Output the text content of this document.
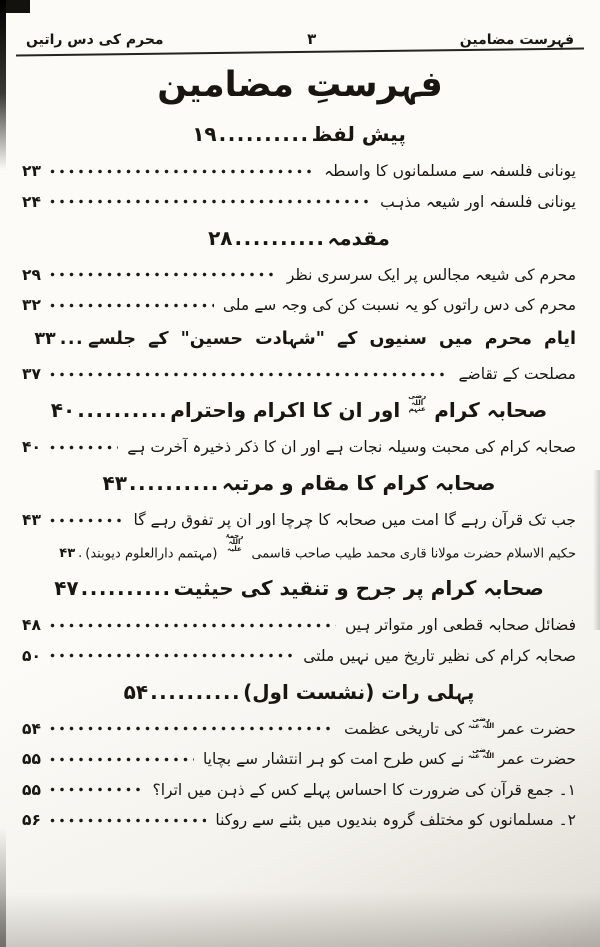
فہرست مضامین
۳
محرم کی دس راتیں
فہرستِ مضامین
پیش لفظ
..........
۱۹
یونانی فلسفہ سے مسلمانوں کا واسطہ
۲۳
یونانی فلسفہ اور شیعہ مذہب
۲۴
مقدمہ
..........
۲۸
محرم کی شیعہ مجالس پر ایک سرسری نظر
۲۹
محرم کی دس راتوں کو یہ نسبت کن کی وجہ سے ملی
۳۲
ایام محرم میں سنیوں کے "شہادت حسین" کے جلسے
...
۳۳
مصلحت کے تقاضے
۳۷
صحابہ کرامرضی اللہ عنہماور ان کا اکرام واحترام
..........
۴۰
صحابہ کرام کی محبت وسیلہ نجات ہے اور ان کا ذکر ذخیرہ آخرت ہے
۴۰
صحابہ کرام کا مقام و مرتبہ
..........
۴۳
جب تک قرآن رہے گا امت میں صحابہ کا چرچا اور ان پر تفوق رہے گا
۴۳
حکیم الاسلام حضرت مولانا قاری محمد طیب صاحب قاسمیرحمۃ اللہ علیہ(مہتمم دارالعلوم دیوبند)
.
۴۳
صحابہ کرام پر جرح و تنقید کی حیثیت
..........
۴۷
فضائل صحابہ قطعی اور متواتر ہیں
۴۸
صحابہ کرام کی نظیر تاریخ میں نہیں ملتی
۵۰
پہلی رات (نشست اول)
..........
۵۴
حضرت عمررضی اللہ عنہکی تاریخی عظمت
۵۴
حضرت عمررضی اللہ عنہنے کس طرح امت کو ہر انتشار سے بچایا
۵۵
۱۔ جمع قرآن کی ضرورت کا احساس پہلے کس کے ذہن میں اترا؟
۵۵
۲۔ مسلمانوں کو مختلف گروہ بندیوں میں بٹنے سے روکنا
۵۶
